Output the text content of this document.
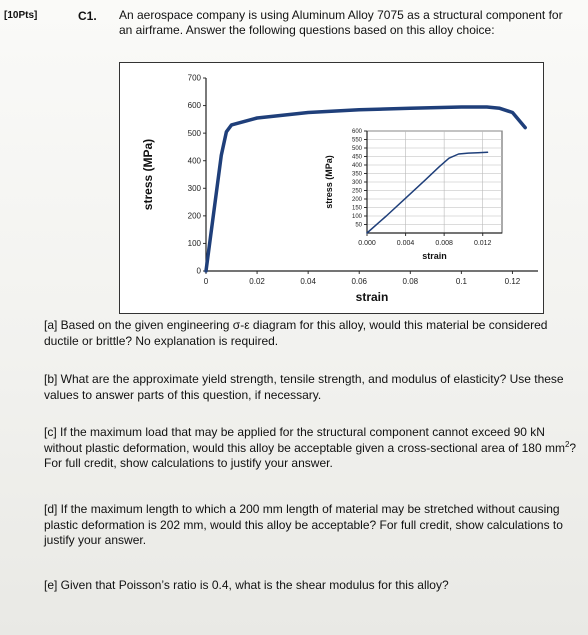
[10Pts]	C1. An aerospace company is using Aluminum Alloy 7075 as a structural component for an airframe. Answer the following questions based on this alloy choice:
0
100
200
300
400
500
600
700
0	0.02	0.04	0.06	0.08	0.1	0.12
strain
stress (MPa)
50
100
150
200
250
300
350
400
450
500
550
600
0.000	0.004	0.008	0.012
strain
stress (MPa)
[a] Based on the given engineering σ-ε diagram for this alloy, would this material be considered ductile or brittle? No explanation is required.
[b] What are the approximate yield strength, tensile strength, and modulus of elasticity? Use these values to answer parts of this question, if necessary.
[c] If the maximum load that may be applied for the structural component cannot exceed 90 kN without plastic deformation, would this alloy be acceptable given a cross-sectional area of 180 $mm^2$? For full credit, show calculations to justify your answer.
[d] If the maximum length to which a 200 mm length of material may be stretched without causing plastic deformation is 202 mm, would this alloy be acceptable? For full credit, show calculations to justify your answer.
[e] Given that Poisson’s ratio is 0.4, what is the shear modulus for this alloy?
